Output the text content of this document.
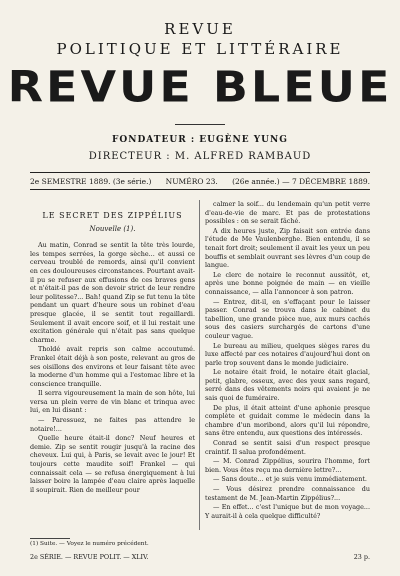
REVUE
POLITIQUE ET LITTÉRAIRE
REVUE BLEUE
FONDATEUR : EUGÈNE YUNG
DIRECTEUR : M. ALFRED RAMBAUD
2e SEMESTRE 1889. (3e série.) NUMÉRO 23. (26e année.) — 7 DÉCEMBRE 1889.
LE SECRET DES ZIPPÉLIUS
Nouvelle (1).

Au matin, Conrad se sentit la tête très lourde, les tempes serrées, la gorge sèche... et aussi ce cerveau troublé de remords, ainsi qu'il convient en ces douloureuses circonstances. Pourtant avait-il pu se refuser aux effusions de ces braves gens et n'était-il pas de son devoir strict de leur rendre leur politesse?... Bah! quand Zip se fut tenu la tête pendant un quart d'heure sous un robinet d'eau presque glacée, il se sentit tout regaillardi. Seulement il avait encore soif, et il lui restait une excitation générale qui n'était pas sans quelque charme.

Tholdé avait repris son calme accoutumé. Frankel était déjà à son poste, relevant au gros de ses oisillons des environs et leur faisant tête avec la moderne d'un homme qui a l'estomac libre et la conscience tranquille.

Il serra vigoureusement la main de son hôte, lui versa un plein verre de vin blanc et trinqua avec lui, en lui disant :

— Paressuez, ne faites pas attendre le notaire!...

Quelle heure était-il donc? Neuf heures et demie. Zip se sentit rougir jusqu'à la racine des cheveux. Lui qui, à Paris, se levait avec le jour! Et toujours cette maudite soif! Frankel — qui connaissait cela — se refusa énergiquement à lui laisser boire la lampée d'eau claire après laquelle il soupirait. Rien de meilleur pour

calmer la soif... du lendemain qu'un petit verre d'eau-de-vie de marc. Et pas de protestations possibles : on se serait fâché.

A dix heures juste, Zip faisait son entrée dans l'étude de Me Vaulenberghe. Bien entendu, il se tenait fort droit; seulement il avait les yeux un peu bouffis et semblait ouvrant ses lèvres d'un coup de langue.

Le clerc de notaire le reconnut aussitôt, et, après une bonne poignée de main — en vieille connaissance, — alla l'annoncer à son patron.

— Entrez, dit-il, en s'effaçant pour le laisser passer. Conrad se trouva dans le cabinet du tabellion, une grande pièce nue, aux murs cachés sous des casiers surchargés de cartons d'une couleur vague.

Le bureau au milieu, quelques sièges rares du luxe affecté par ces notaires d'aujourd'hui dont on parle trop souvent dans le monde judiciaire.

Le notaire était froid, le notaire était glacial, petit, glabre, osseux, avec des yeux sans regard, serré dans des vêtements noirs qui avaient je ne sais quoi de fuméraire.

De plus, il était atteint d'une aphonie presque complète et guidait comme le médecin dans la chambre d'un moribond, alors qu'il lui répondre, sans être entendu, aux questions des intéressés.

Conrad se sentit saisi d'un respect presque craintif. Il salua profondément.

— M. Conrad Zippélius, sourira l'homme, fort bien. Vous êtes reçu ma dernière lettre?...

— Sans doute... et je suis venu immédiatement.

— Vous désirez prendre connaissance du testament de M. Jean-Martin Zippélius?...

— En effet... c'est l'unique but de mon voyage... Y aurait-il à cela quelque difficulté?

(1) Suite. — Voyez le numéro précédent.
2e SÉRIE. — REVUE POLIT. — XLIV.	23 p.
